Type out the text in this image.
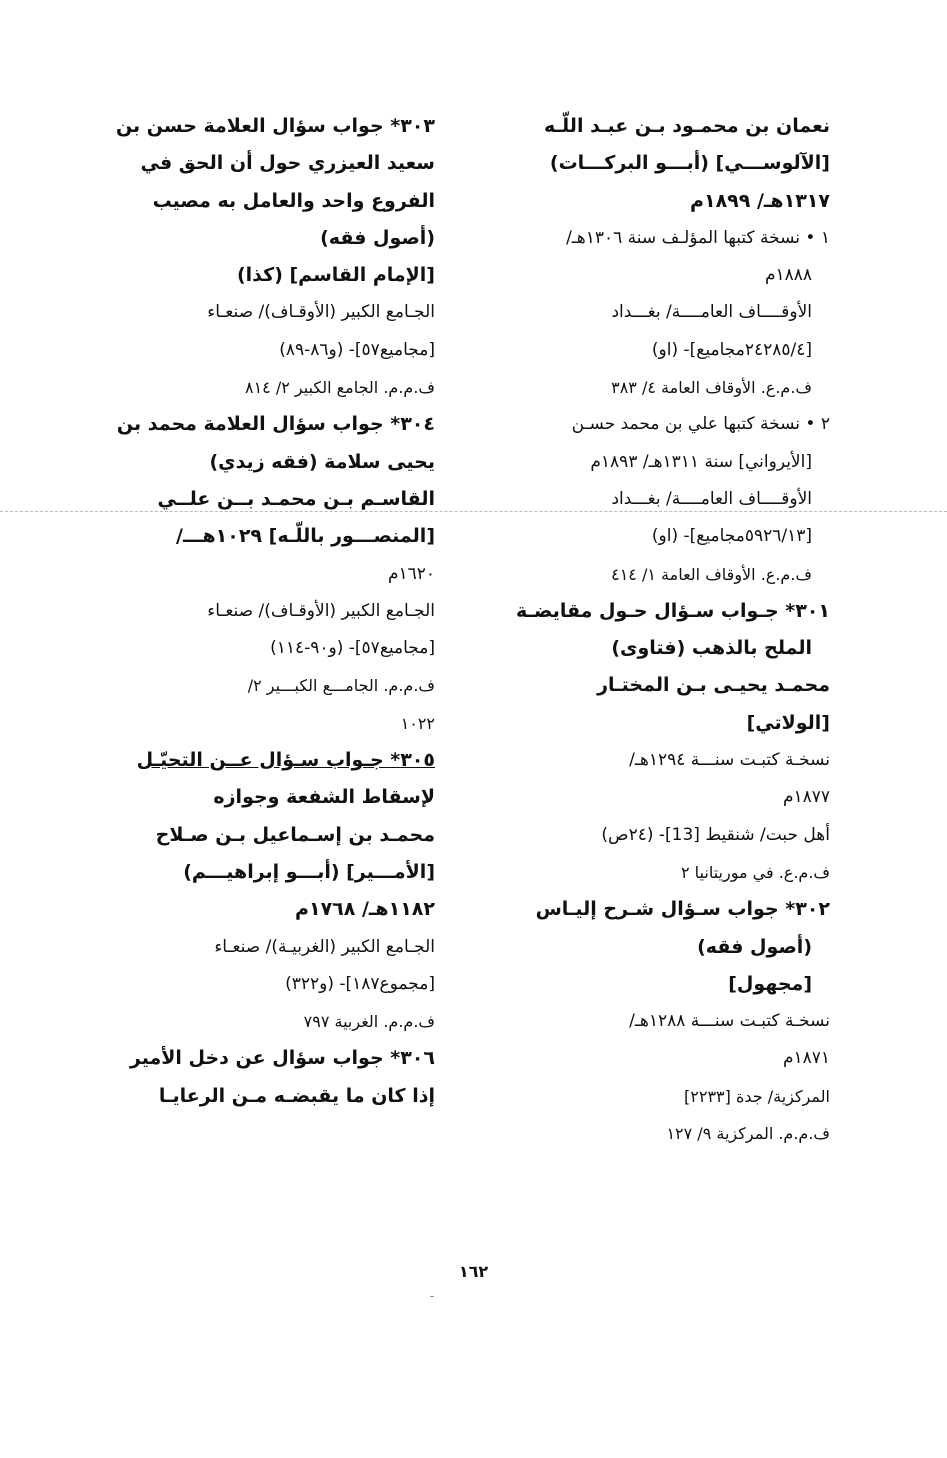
نعمان بن محمـود بـن عبـد اللّـه
[الآلوســـي] (أبـــو البركـــات)
١٣١٧هـ/ ١٨٩٩م
١ • نسخة كتبها المؤلـف سنة ١٣٠٦هـ/
١٨٨٨م
الأوقــــاف العامــــة/ بغـــداد
[٢٤٢٨٥/٤مجاميع]- (او)
ف.م.ع. الأوقاف العامة ٤/ ٣٨٣
٢ • نسخة كتبها علي بن محمد حسـن
[الأيرواني] سنة ١٣١١هـ/ ١٨٩٣م
الأوقــــاف العامــــة/ بغـــداد
[٥٩٢٦/١٣مجاميع]- (او)
ف.م.ع. الأوقاف العامة ١/ ٤١٤
٣٠١* جـواب سـؤال حـول مقايضـة
الملح بالذهب (فتاوى)
محمـد يحيـى بـن المختـار
[الولاتي]
نسخـة كتبـت سنـــة ١٢٩٤هـ/
١٨٧٧م
أهل حبت/ شنقيط [13]- (٢٤ص)
ف.م.ع. في موريتانيا ٢
٣٠٢* جواب سـؤال شـرح إليـاس
(أصول فقه)
[مجهول]
نسخـة كتبـت سنـــة ١٢٨٨هـ/
١٨٧١م
المركزية/ جدة [٢٢٣٣]
ف.م.م. المركزية ٩/ ١٢٧
٣٠٣* جواب سؤال العلامة حسن بن
سعيد العيزري حول أن الحق في
الفروع واحد والعامل به مصيب
(أصول فقه)
[الإمام القاسم] (كذا)
الجـامع الكبير (الأوقـاف)/ صنعـاء
[مجاميع٥٧]- (و٨٦-٨٩)
ف.م.م. الجامع الكبير ٢/ ٨١٤
٣٠٤* جواب سؤال العلامة محمد بن
يحيى سلامة (فقه زيدي)
القاسـم بـن محمـد بــن علــي
[المنصـــور باللّـه] ١٠٢٩هـــ/
١٦٢٠م
الجـامع الكبير (الأوقـاف)/ صنعـاء
[مجاميع٥٧]- (و٩٠-١١٤)
ف.م.م. الجامـــع الكبـــير ٢/
١٠٢٢
٣٠٥* جـواب سـؤال عــن التحيّـل
لإسقاط الشفعة وجوازه
محمـد بن إسـماعيل بـن صـلاح
[الأمـــير] (أبـــو إبراهيـــم)
١١٨٢هـ/ ١٧٦٨م
الجـامع الكبير (الغربيـة)/ صنعـاء
[مجموع١٨٧]- (و٣٢٢)
ف.م.م. الغربية ٧٩٧
٣٠٦* جواب سؤال عن دخل الأمير
إذا كان ما يقبضـه مـن الرعايـا
١٦٢
